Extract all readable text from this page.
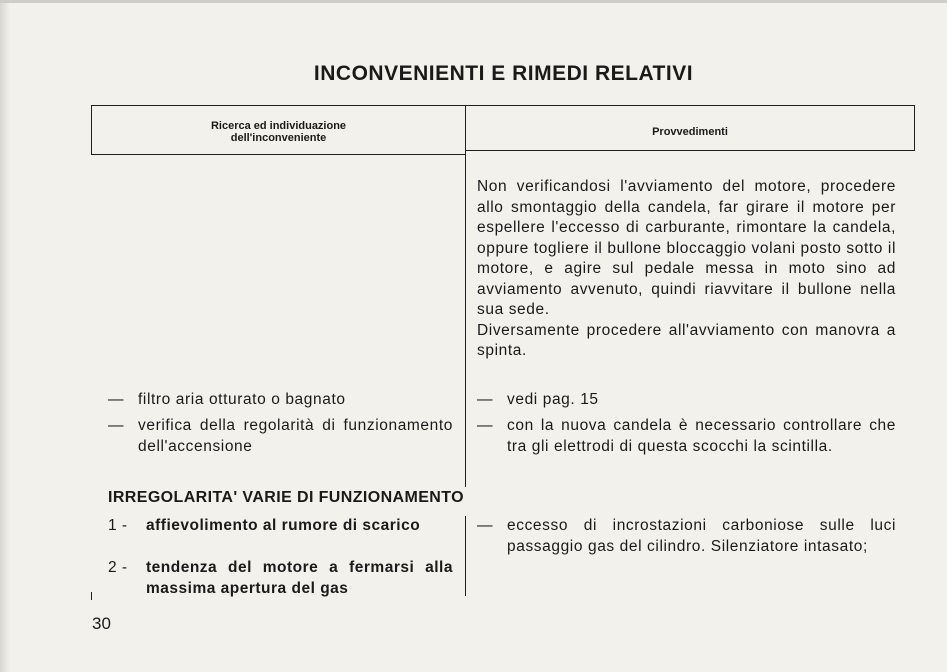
INCONVENIENTI E RIMEDI RELATIVI
Ricerca ed individuazione
dell'inconveniente	Provvedimenti
Non verificandosi l'avviamento del motore, procedere allo smontaggio della candela, far girare il motore per espellere l'eccesso di carburante, rimontare la candela, oppure togliere il bullone bloccaggio volani posto sotto il motore, e agire sul pedale messa in moto sino ad avviamento avvenuto, quindi riavvitare il bullone nella sua sede.
Diversamente procedere all'avviamento con manovra a spinta.
— filtro aria otturato o bagnato
— verifica della regolarità di funzionamento dell'accensione
— vedi pag. 15
— con la nuova candela è necessario controllare che tra gli elettrodi di questa scocchi la scintilla.
IRREGOLARITA' VARIE DI FUNZIONAMENTO
1 - affievolimento al rumore di scarico
2 - tendenza del motore a fermarsi alla massima apertura del gas
— eccesso di incrostazioni carboniose sulle luci passaggio gas del cilindro. Silenziatore intasato;
30
